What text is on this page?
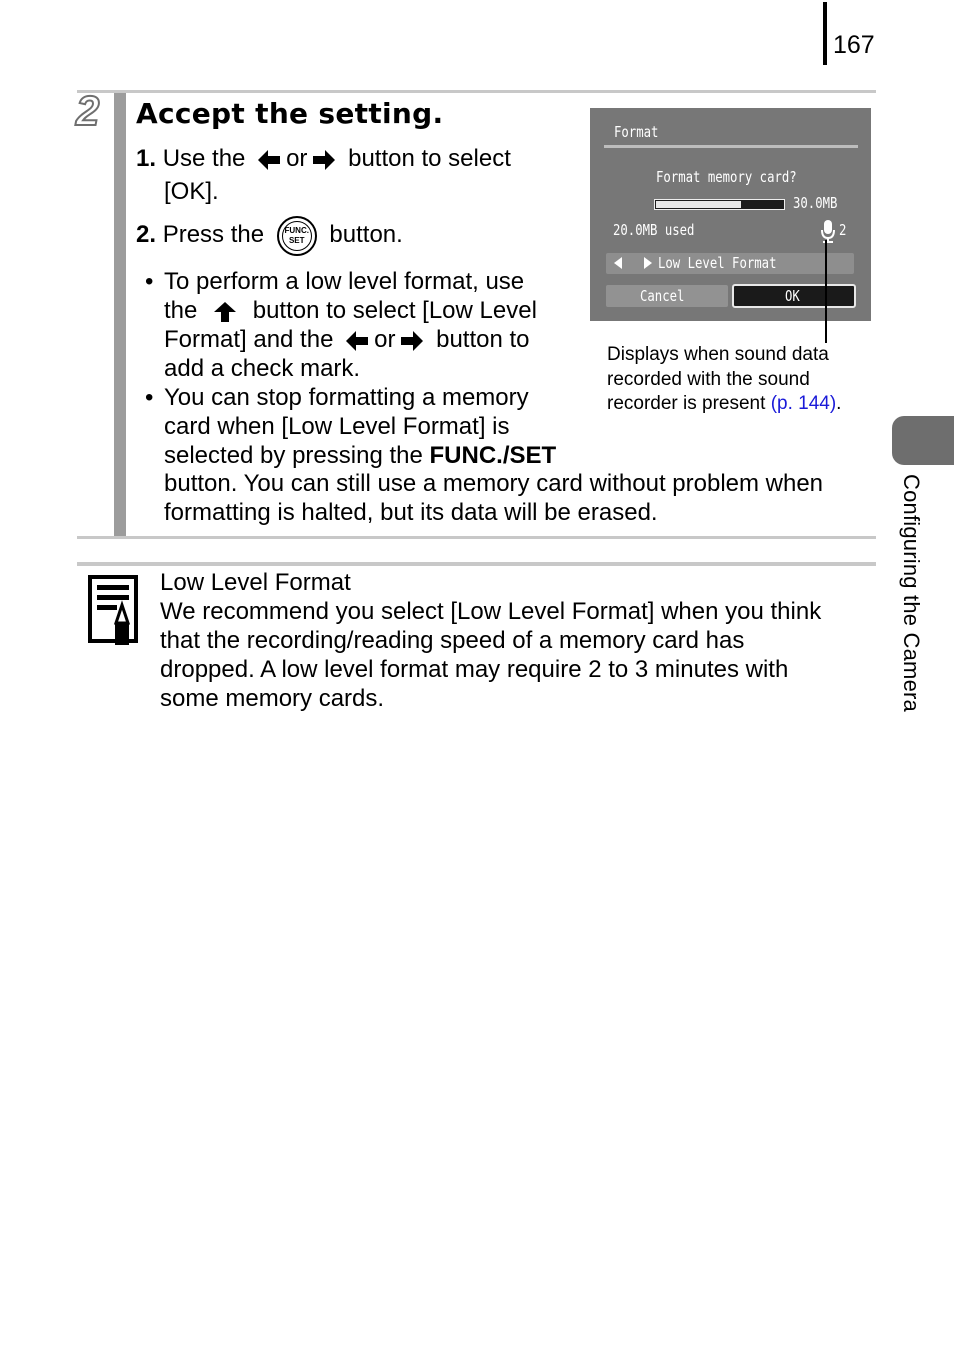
167
2 Accept the setting.
1. Use the or button to select
[OK].
2. Press the	FUNC.
SET button.
• To perform a low level format, use
the button to select [Low Level
Format] and the or button to
add a check mark.
• You can stop formatting a memory
card when [Low Level Format] is
selected by pressing the FUNC./SET
button. You can still use a memory card without problem when
formatting is halted, but its data will be erased.
Format
Format memory card?
30.0MB
20.0MB used	2
Low Level Format
Cancel	OK
Displays when sound data
recorded with the sound
recorder is present (p. 144).
Low Level Format
We recommend you select [Low Level Format] when you think
that the recording/reading speed of a memory card has
dropped. A low level format may require 2 to 3 minutes with
some memory cards.	Configuring the Camera
